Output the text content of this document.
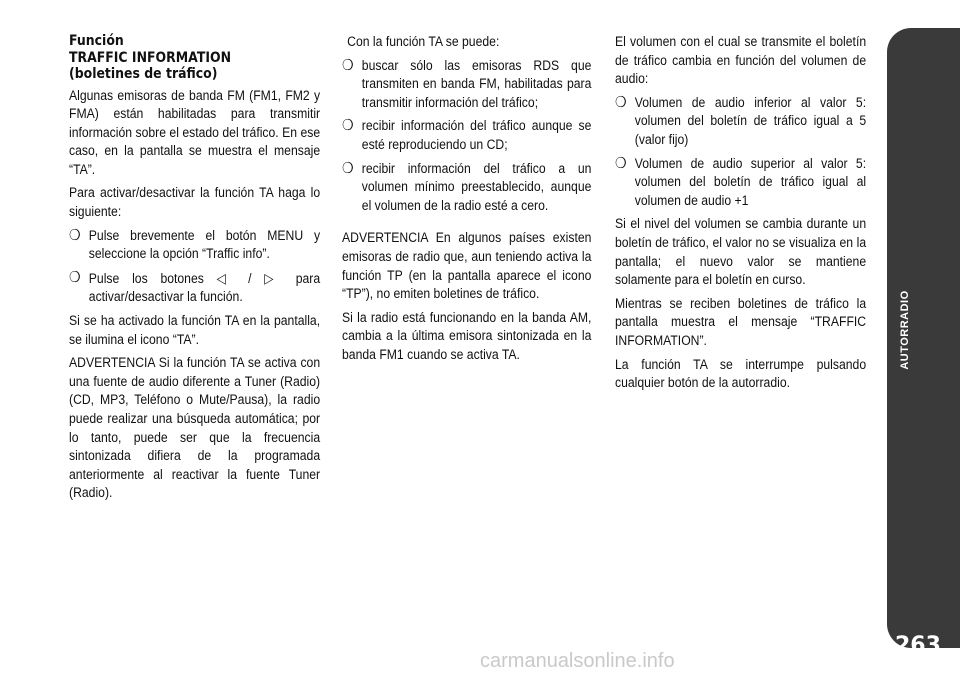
Función
TRAFFIC INFORMATION
(boletines de tráfico)

Algunas emisoras de banda FM (FM1, FM2 y FMA) están habilitadas para transmitir información sobre el estado del tráfico. En ese caso, en la pantalla se muestra el mensaje “TA”.

Para activar/desactivar la función TA haga lo siguiente:

❍ Pulse brevemente el botón MENU y seleccione la opción “Traffic info”.
❍ Pulse los botones ◁ / ▷ para activar/desactivar la función.

Si se ha activado la función TA en la pantalla, se ilumina el icono “TA”.

ADVERTENCIA Si la función TA se activa con una fuente de audio diferente a Tuner (Radio) (CD, MP3, Teléfono o Mute/Pausa), la radio puede realizar una búsqueda automática; por lo tanto, puede ser que la frecuencia sintonizada difiera de la programada anteriormente al reactivar la fuente Tuner (Radio).

Con la función TA se puede:

❍ buscar sólo las emisoras RDS que transmiten en banda FM, habilitadas para transmitir información del tráfico;
❍ recibir información del tráfico aunque se esté reproduciendo un CD;
❍ recibir información del tráfico a un volumen mínimo preestablecido, aunque el volumen de la radio esté a cero.

ADVERTENCIA En algunos países existen emisoras de radio que, aun teniendo activa la función TP (en la pantalla aparece el icono “TP”), no emiten boletines de tráfico.

Si la radio está funcionando en la banda AM, cambia a la última emisora sintonizada en la banda FM1 cuando se activa TA.

El volumen con el cual se transmite el boletín de tráfico cambia en función del volumen de audio:

❍ Volumen de audio inferior al valor 5: volumen del boletín de tráfico igual a 5 (valor fijo)
❍ Volumen de audio superior al valor 5: volumen del boletín de tráfico igual al volumen de audio +1

Si el nivel del volumen se cambia durante un boletín de tráfico, el valor no se visualiza en la pantalla; el nuevo valor se mantiene solamente para el boletín en curso.

Mientras se reciben boletines de tráfico la pantalla muestra el mensaje “TRAFFIC INFORMATION”.

La función TA se interrumpe pulsando cualquier botón de la autorradio.

AUTORRADIO
263
carmanualsonline.info
